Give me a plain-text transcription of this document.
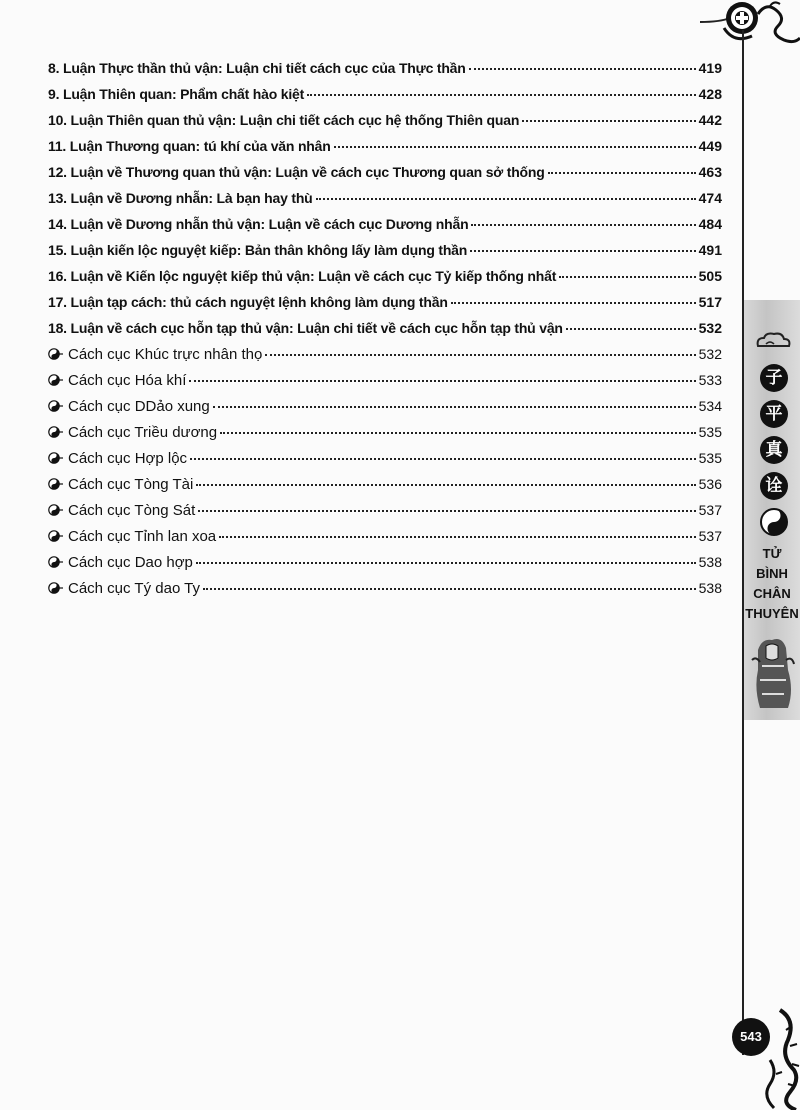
子
平
真
诠
TỬ
BÌNH
CHÂN
THUYÊN
543
8. Luận Thực thần thủ vận: Luận chi tiết cách cục của Thực thần	419
9. Luận Thiên quan: Phẩm chất hào kiệt	428
10. Luận Thiên quan thủ vận: Luận chi tiết cách cục hệ thống Thiên quan	442
11. Luận Thương quan: tú khí của văn nhân	449
12. Luận về Thương quan thủ vận: Luận về cách cục Thương quan sở thống	463
13. Luận về Dương nhẫn: Là bạn hay thù	474
14. Luận về Dương nhẫn thủ vận: Luận về cách cục Dương nhẫn	484
15. Luận kiến lộc nguyệt kiếp: Bản thân không lấy làm dụng thần	491
16. Luận về Kiến lộc nguyệt kiếp thủ vận: Luận về cách cục Tỷ kiếp thống nhất	505
17. Luận tạp cách: thủ cách nguyệt lệnh không làm dụng thần	517
18. Luận về cách cục hỗn tạp thủ vận: Luận chi tiết về cách cục hỗn tạp thủ vận	532
Cách cục Khúc trực nhân thọ	532
Cách cục Hóa khí	533
Cách cục DDảo xung	534
Cách cục Triều dương	535
Cách cục Hợp lộc	535
Cách cục Tòng Tài	536
Cách cục Tòng Sát	537
Cách cục Tỉnh lan xoa	537
Cách cục Dao hợp	538
Cách cục Tý dao Ty	538
